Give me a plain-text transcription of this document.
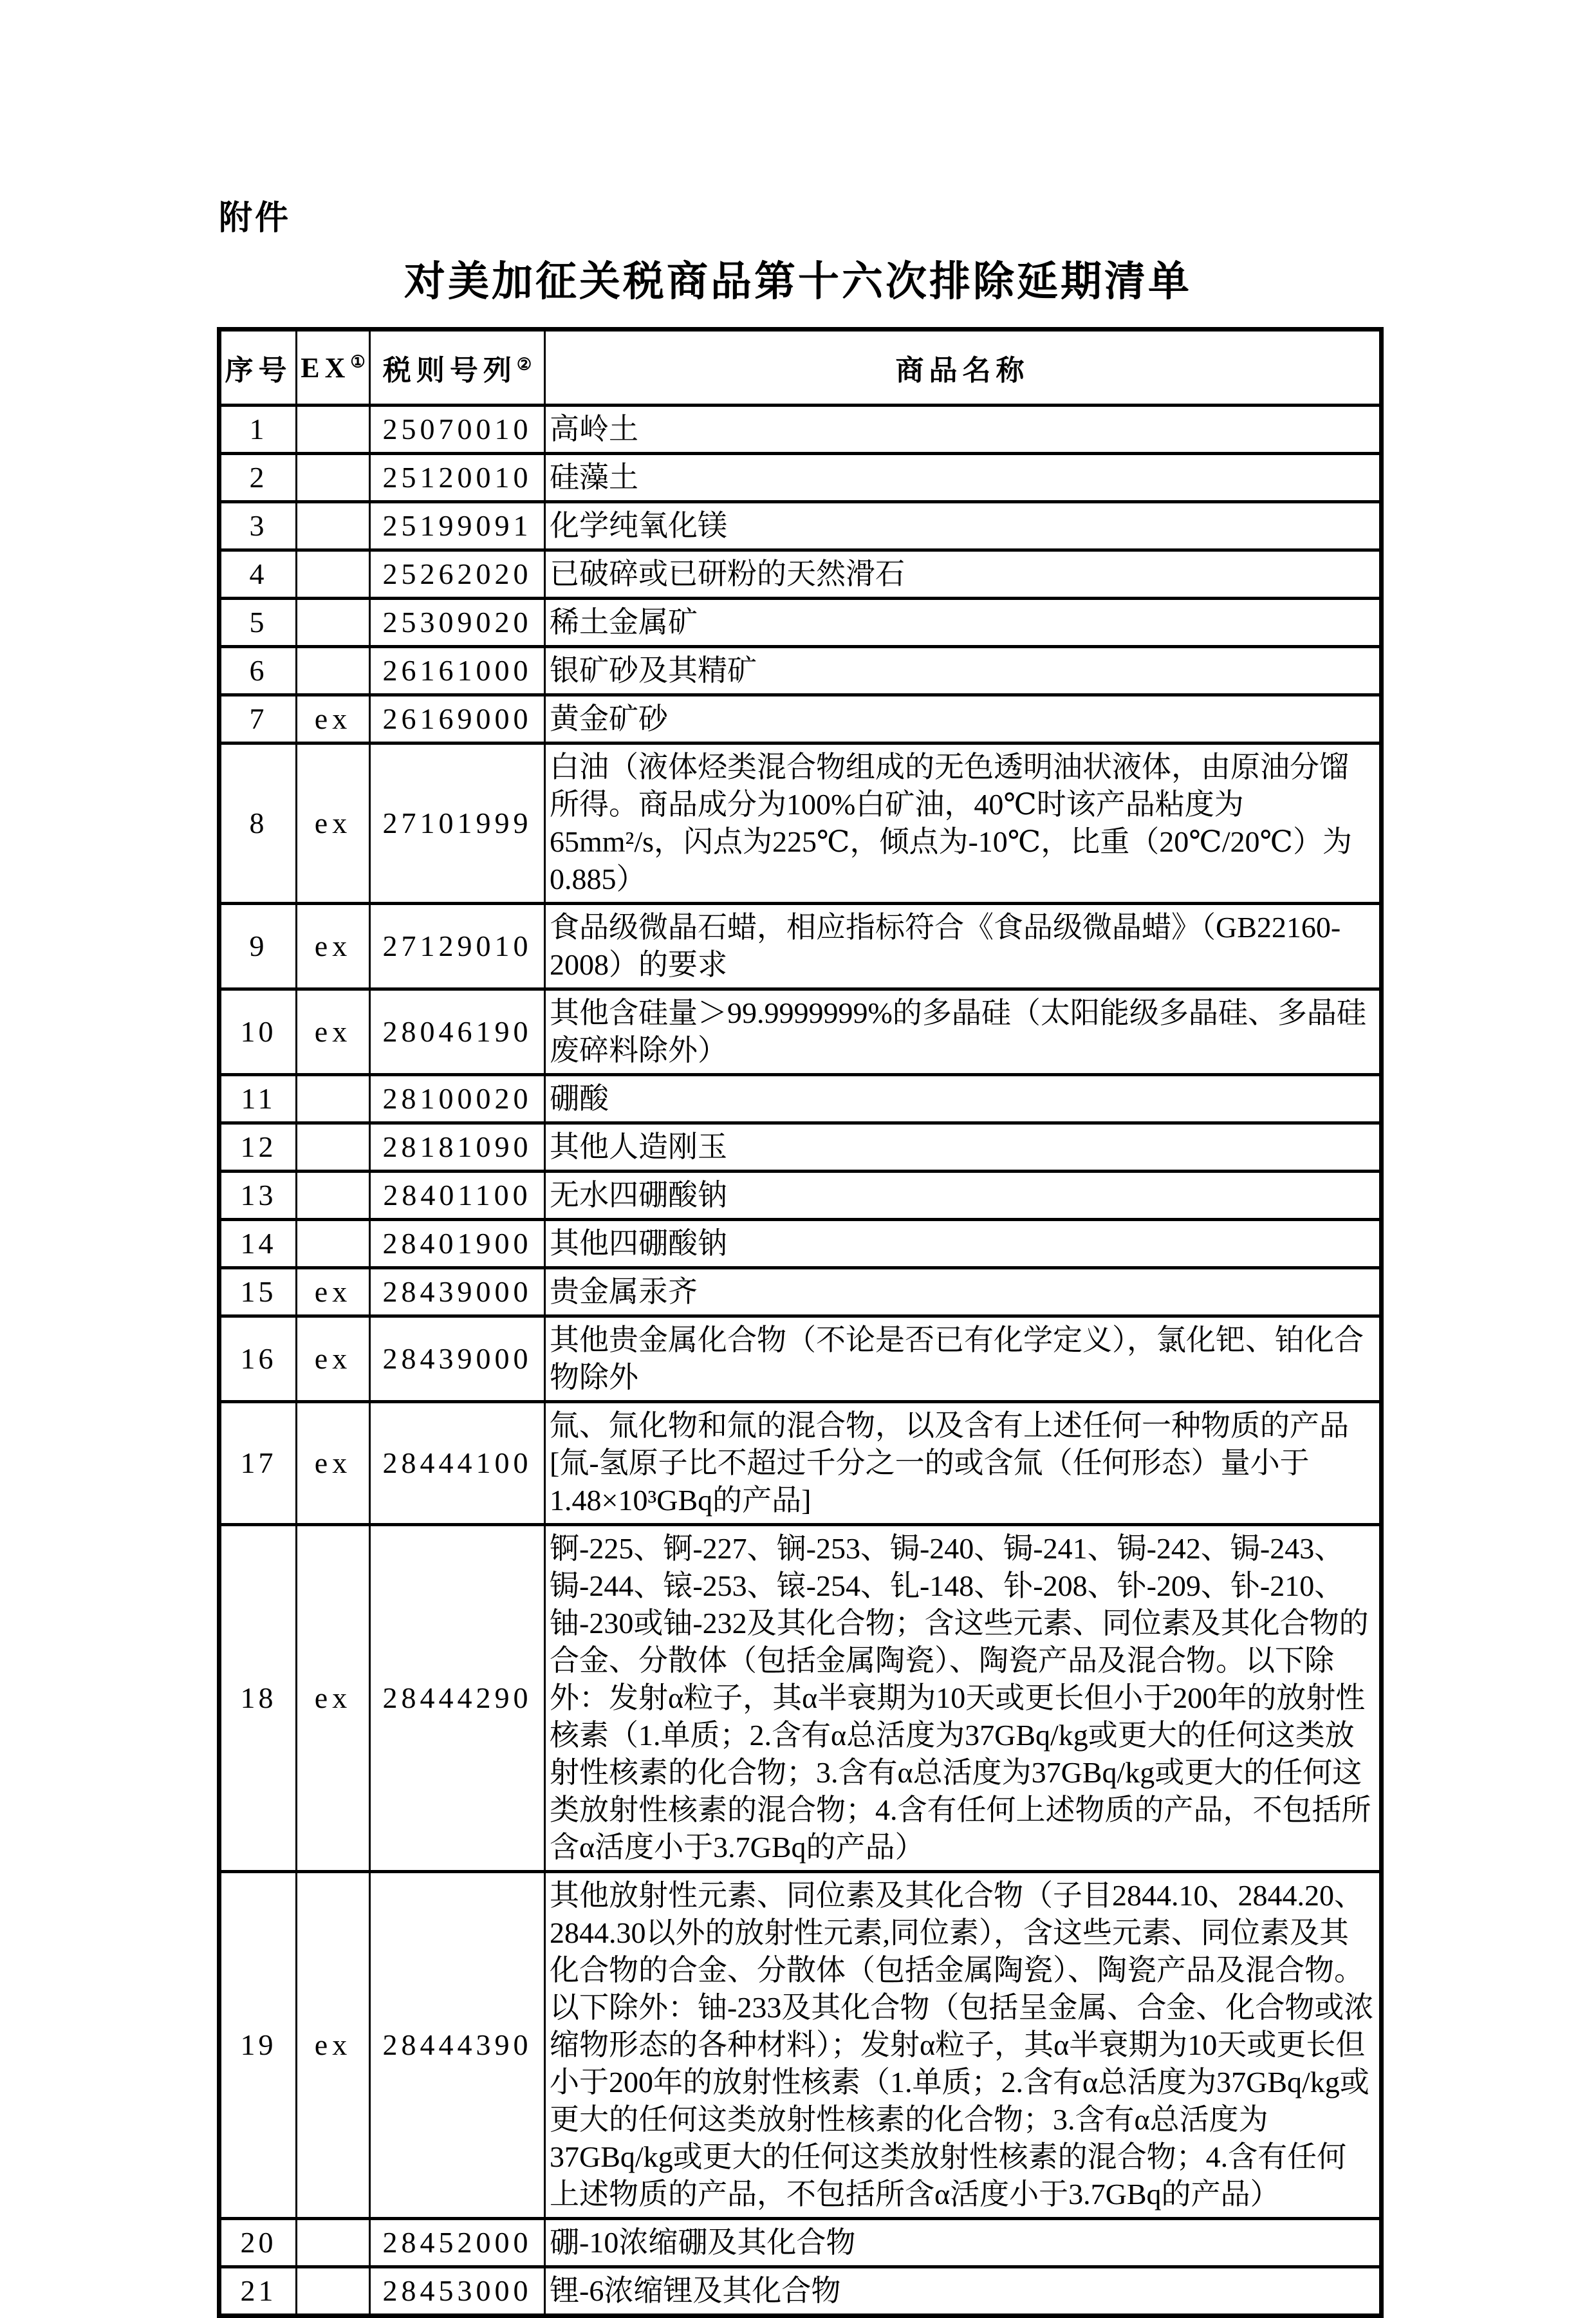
附件
对美加征关税商品第十六次排除延期清单
序号	EX①	税则号列②	商品名称
1		25070010	高岭土
2		25120010	硅藻土
3		25199091	化学纯氧化镁
4		25262020	已破碎或已研粉的天然滑石
5		25309020	稀土金属矿
6		26161000	银矿砂及其精矿
7	ex	26169000	黄金矿砂
8	ex	27101999	白油（液体烃类混合物组成的无色透明油状液体，由原油分馏所得。商品成分为100%白矿油，40℃时该产品粘度为65mm²/s，闪点为225℃，倾点为-10℃，比重（20℃/20℃）为0.885）
9	ex	27129010	食品级微晶石蜡，相应指标符合《食品级微晶蜡》（GB22160-2008）的要求
10	ex	28046190	其他含硅量＞99.9999999%的多晶硅（太阳能级多晶硅、多晶硅废碎料除外）
11		28100020	硼酸
12		28181090	其他人造刚玉
13		28401100	无水四硼酸钠
14		28401900	其他四硼酸钠
15	ex	28439000	贵金属汞齐
16	ex	28439000	其他贵金属化合物（不论是否已有化学定义），氯化钯、铂化合物除外
17	ex	28444100	氚、氚化物和氚的混合物，以及含有上述任何一种物质的产品[氚-氢原子比不超过千分之一的或含氚（任何形态）量小于1.48×10³GBq的产品]
18	ex	28444290	锕-225、锕-227、锎-253、锔-240、锔-241、锔-242、锔-243、锔-244、锿-253、锿-254、钆-148、钋-208、钋-209、钋-210、铀-230或铀-232及其化合物；含这些元素、同位素及其化合物的合金、分散体（包括金属陶瓷）、陶瓷产品及混合物。以下除外：发射α粒子，其α半衰期为10天或更长但小于200年的放射性核素（1.单质；2.含有α总活度为37GBq/kg或更大的任何这类放射性核素的化合物；3.含有α总活度为37GBq/kg或更大的任何这类放射性核素的混合物；4.含有任何上述物质的产品，不包括所含α活度小于3.7GBq的产品）
19	ex	28444390	其他放射性元素、同位素及其化合物（子目2844.10、2844.20、2844.30以外的放射性元素,同位素），含这些元素、同位素及其化合物的合金、分散体（包括金属陶瓷）、陶瓷产品及混合物。以下除外：铀-233及其化合物（包括呈金属、合金、化合物或浓缩物形态的各种材料）；发射α粒子，其α半衰期为10天或更长但小于200年的放射性核素（1.单质；2.含有α总活度为37GBq/kg或更大的任何这类放射性核素的化合物；3.含有α总活度为37GBq/kg或更大的任何这类放射性核素的混合物；4.含有任何上述物质的产品，不包括所含α活度小于3.7GBq的产品）
20		28452000	硼-10浓缩硼及其化合物
21		28453000	锂-6浓缩锂及其化合物
